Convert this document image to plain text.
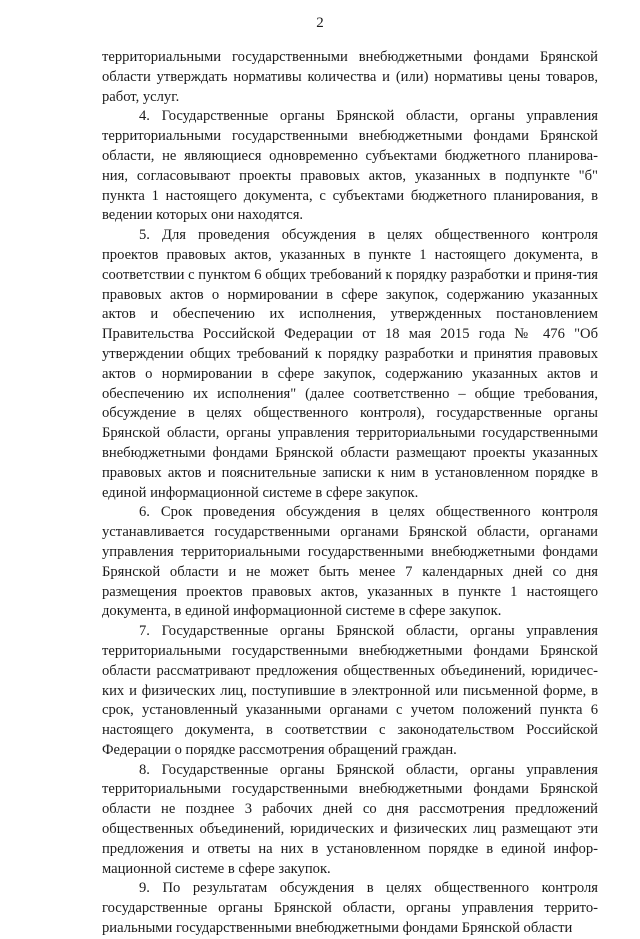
2

территориальными государственными внебюджетными фондами Брянской области утверждать нормативы количества и (или) нормативы цены товаров, работ, услуг.

4. Государственные органы Брянской области, органы управления территориальными государственными внебюджетными фондами Брянской области, не являющиеся одновременно субъектами бюджетного планирова-ния, согласовывают проекты правовых актов, указанных в подпункте "б" пункта 1 настоящего документа, с субъектами бюджетного планирования, в ведении которых они находятся.

5. Для проведения обсуждения в целях общественного контроля проектов правовых актов, указанных в пункте 1 настоящего документа, в соответствии с пунктом 6 общих требований к порядку разработки и приня-тия правовых актов о нормировании в сфере закупок, содержанию указанных актов и обеспечению их исполнения, утвержденных постановлением Правительства Российской Федерации от 18 мая 2015 года № 476 "Об утверждении общих требований к порядку разработки и принятия правовых актов о нормировании в сфере закупок, содержанию указанных актов и обеспечению их исполнения" (далее соответственно – общие требования, обсуждение в целях общественного контроля), государственные органы Брянской области, органы управления территориальными государственными внебюджетными фондами Брянской области размещают проекты указанных правовых актов и пояснительные записки к ним в установленном порядке в единой информационной системе в сфере закупок.

6. Срок проведения обсуждения в целях общественного контроля устанавливается государственными органами Брянской области, органами управления территориальными государственными внебюджетными фондами Брянской области и не может быть менее 7 календарных дней со дня размещения проектов правовых актов, указанных в пункте 1 настоящего документа, в единой информационной системе в сфере закупок.

7. Государственные органы Брянской области, органы управления территориальными государственными внебюджетными фондами Брянской области рассматривают предложения общественных объединений, юридичес-ких и физических лиц, поступившие в электронной или письменной форме, в срок, установленный указанными органами с учетом положений пункта 6 настоящего документа, в соответствии с законодательством Российской Федерации о порядке рассмотрения обращений граждан.

8. Государственные органы Брянской области, органы управления территориальными государственными внебюджетными фондами Брянской области не позднее 3 рабочих дней со дня рассмотрения предложений общественных объединений, юридических и физических лиц размещают эти предложения и ответы на них в установленном порядке в единой инфор-мационной системе в сфере закупок.

9. По результатам обсуждения в целях общественного контроля государственные органы Брянской области, органы управления террито-риальными государственными внебюджетными фондами Брянской области
